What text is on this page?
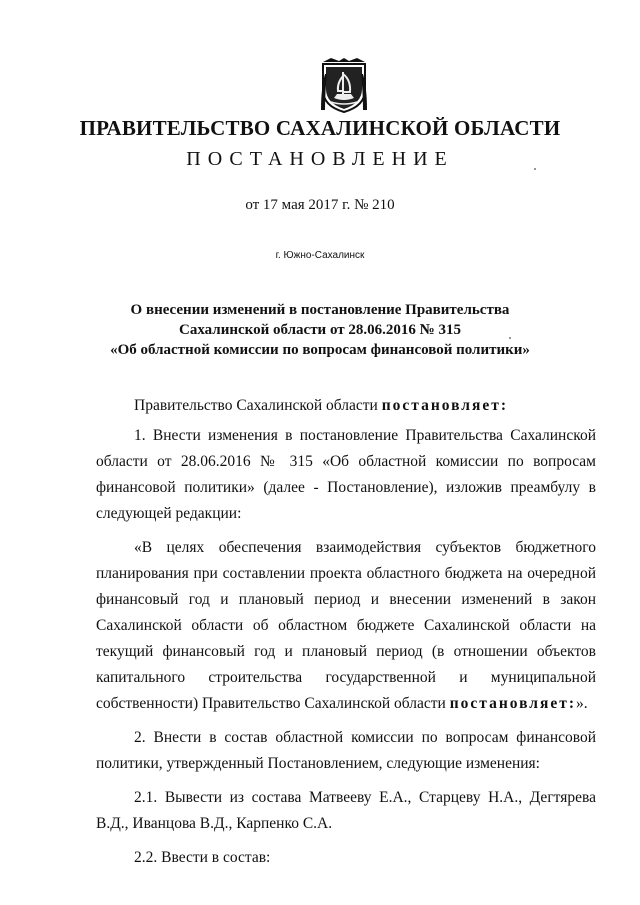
ПРАВИТЕЛЬСТВО САХАЛИНСКОЙ ОБЛАСТИ
ПОСТАНОВЛЕНИЕ
от 17 мая 2017 г. № 210
г. Южно-Сахалинск
О внесении изменений в постановление Правительства
Сахалинской области от 28.06.2016 № 315
«Об областной комиссии по вопросам финансовой политики»

Правительство Сахалинской области постановляет:

1. Внести изменения в постановление Правительства Сахалинской области от 28.06.2016 № 315 «Об областной комиссии по вопросам финансовой политики» (далее - Постановление), изложив преамбулу в следующей редакции:

«В целях обеспечения взаимодействия субъектов бюджетного планирования при составлении проекта областного бюджета на очередной финансовый год и плановый период и внесении изменений в закон Сахалинской области об областном бюджете Сахалинской области на текущий финансовый год и плановый период (в отношении объектов капитального строительства государственной и муниципальной собственности) Правительство Сахалинской области постановляет:».

2. Внести в состав областной комиссии по вопросам финансовой политики, утвержденный Постановлением, следующие изменения:

2.1. Вывести из состава Матвееву Е.А., Старцеву Н.А., Дегтярева В.Д., Иванцова В.Д., Карпенко С.А.

2.2. Ввести в состав:
